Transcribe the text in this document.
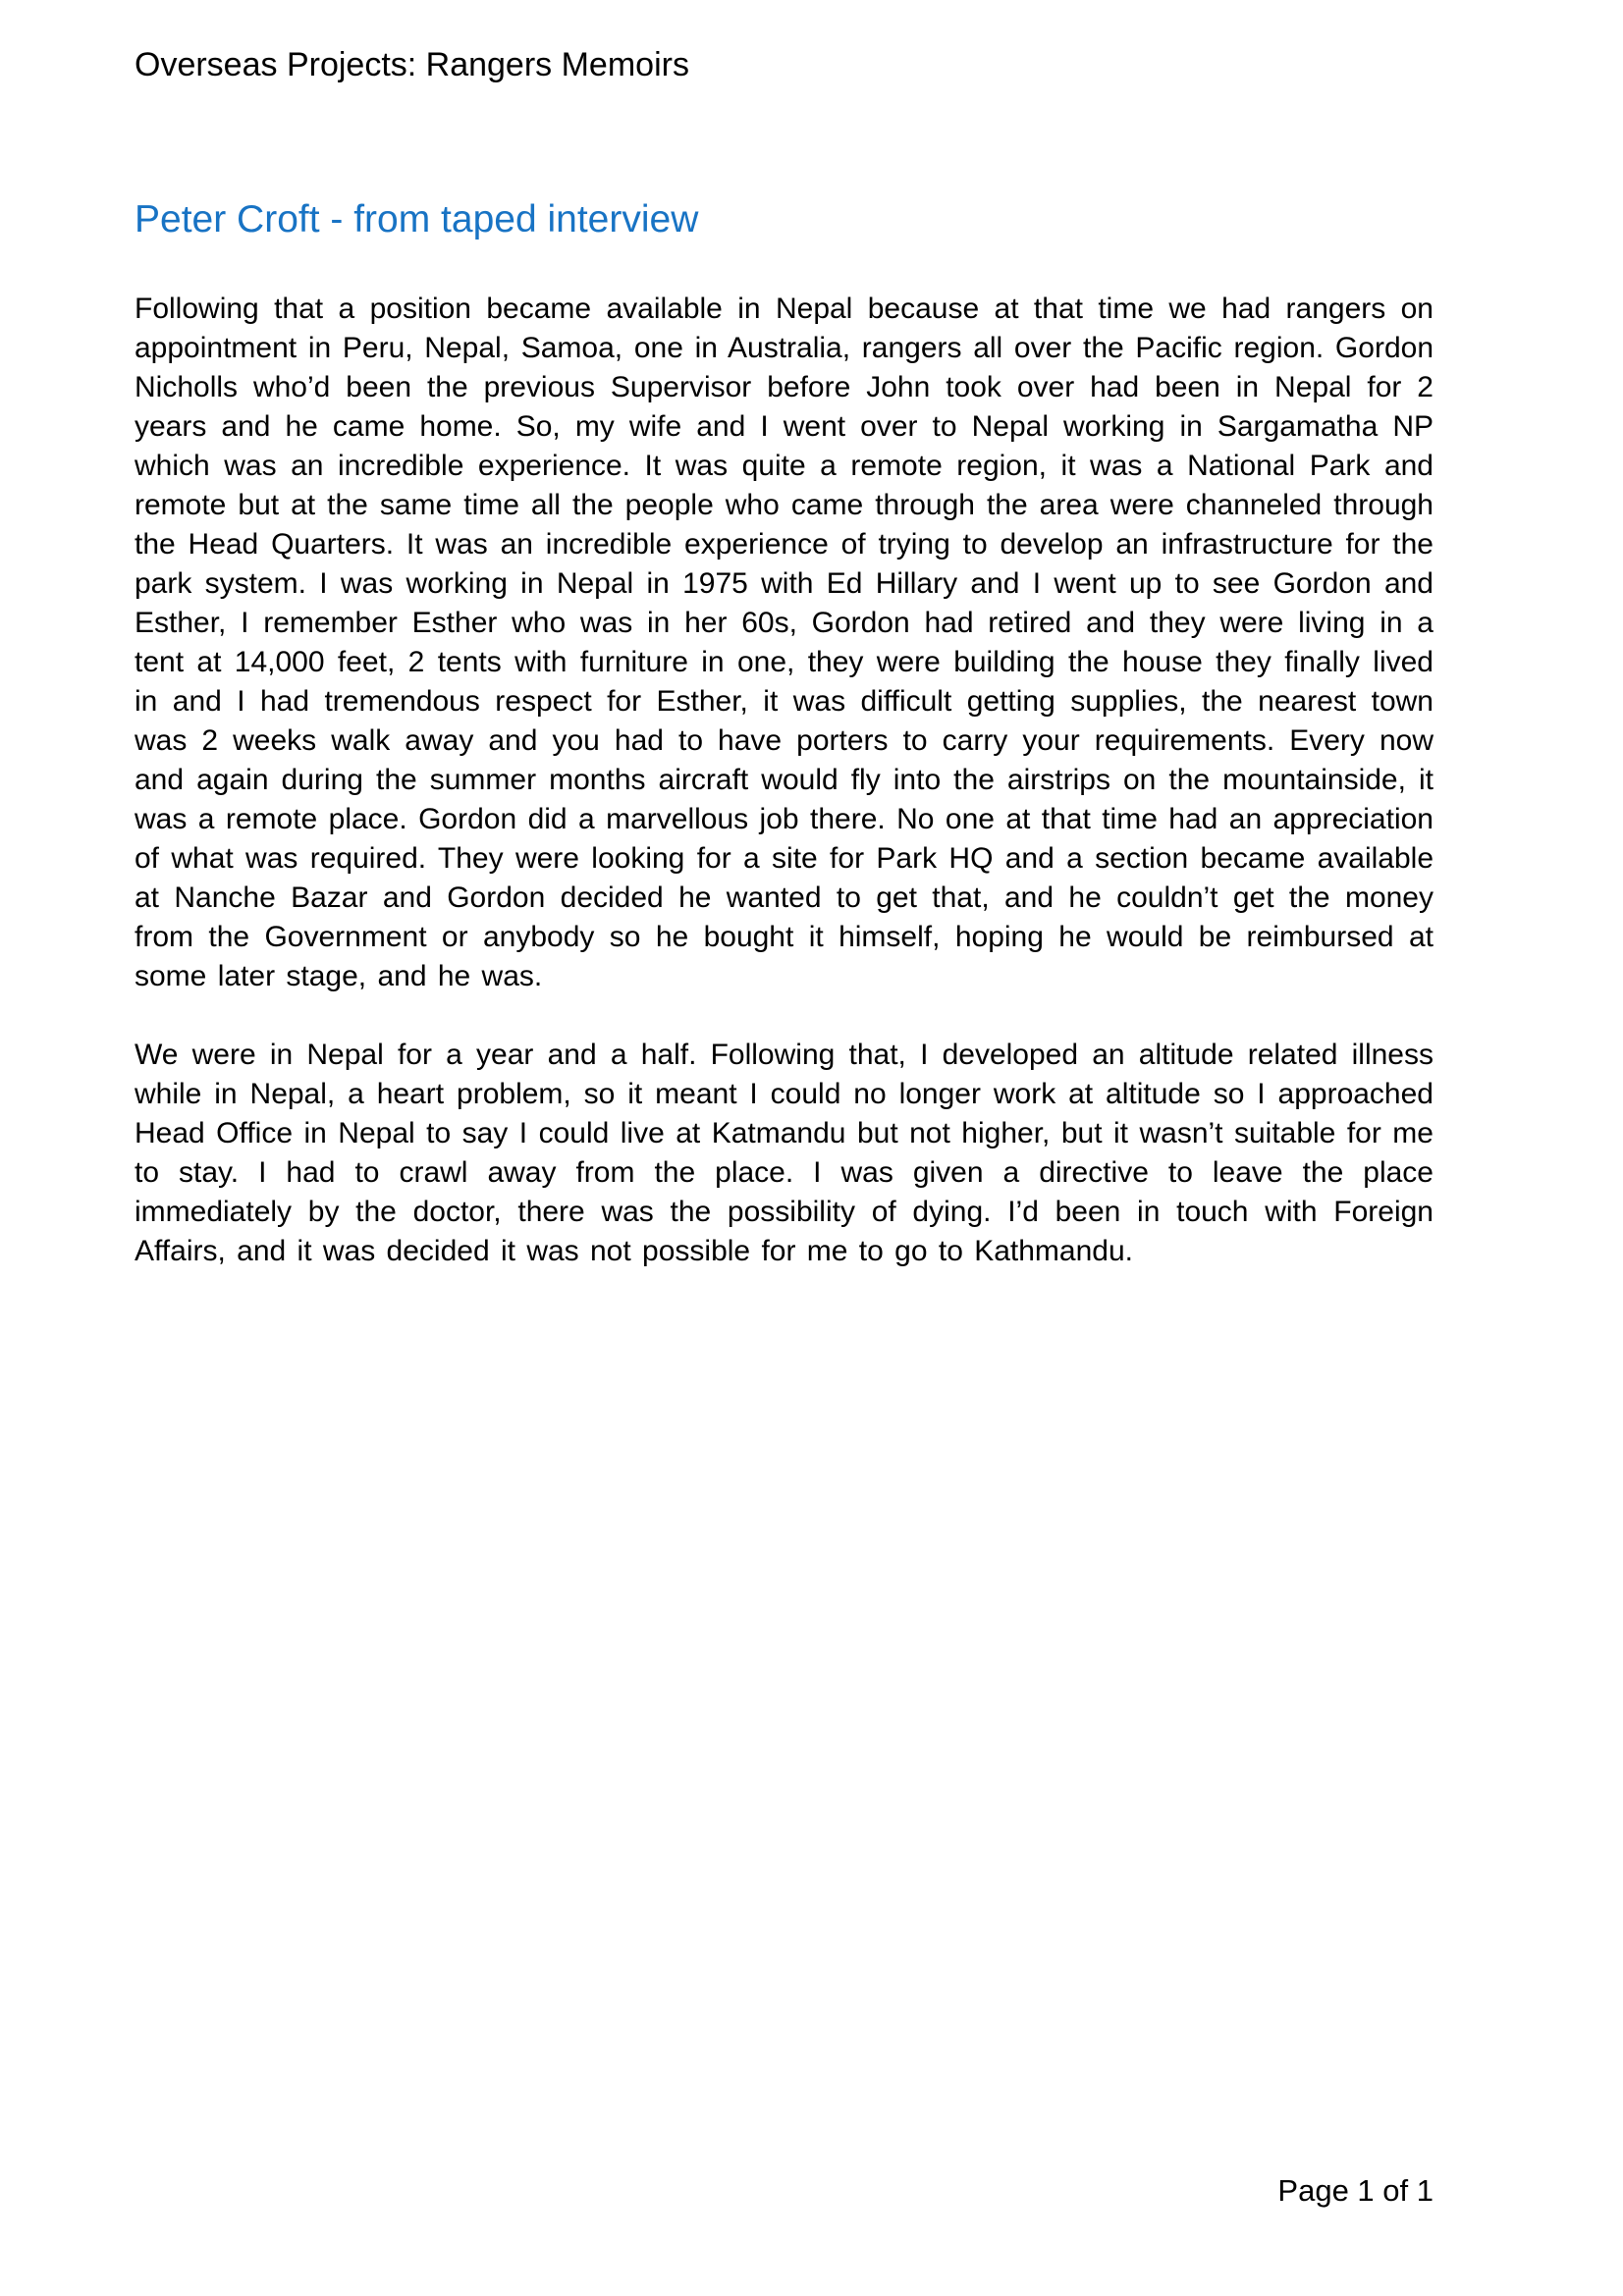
Overseas Projects: Rangers Memoirs
Peter Croft - from taped interview

Following that a position became available in Nepal because at that time we had rangers on appointment in Peru, Nepal, Samoa, one in Australia, rangers all over the Pacific region. Gordon Nicholls who’d been the previous Supervisor before John took over had been in Nepal for 2 years and he came home. So, my wife and I went over to Nepal working in Sargamatha NP which was an incredible experience. It was quite a remote region, it was a National Park and remote but at the same time all the people who came through the area were channeled through the Head Quarters. It was an incredible experience of trying to develop an infrastructure for the park system. I was working in Nepal in 1975 with Ed Hillary and I went up to see Gordon and Esther, I remember Esther who was in her 60s, Gordon had retired and they were living in a tent at 14,000 feet, 2 tents with furniture in one, they were building the house they finally lived in and I had tremendous respect for Esther, it was difficult getting supplies, the nearest town was 2 weeks walk away and you had to have porters to carry your requirements. Every now and again during the summer months aircraft would fly into the airstrips on the mountainside, it was a remote place. Gordon did a marvellous job there. No one at that time had an appreciation of what was required. They were looking for a site for Park HQ and a section became available at Nanche Bazar and Gordon decided he wanted to get that, and he couldn’t get the money from the Government or anybody so he bought it himself, hoping he would be reimbursed at some later stage, and he was.

We were in Nepal for a year and a half. Following that, I developed an altitude related illness while in Nepal, a heart problem, so it meant I could no longer work at altitude so I approached Head Office in Nepal to say I could live at Katmandu but not higher, but it wasn’t suitable for me to stay. I had to crawl away from the place. I was given a directive to leave the place immediately by the doctor, there was the possibility of dying. I’d been in touch with Foreign Affairs, and it was decided it was not possible for me to go to Kathmandu.

Page 1 of 1
